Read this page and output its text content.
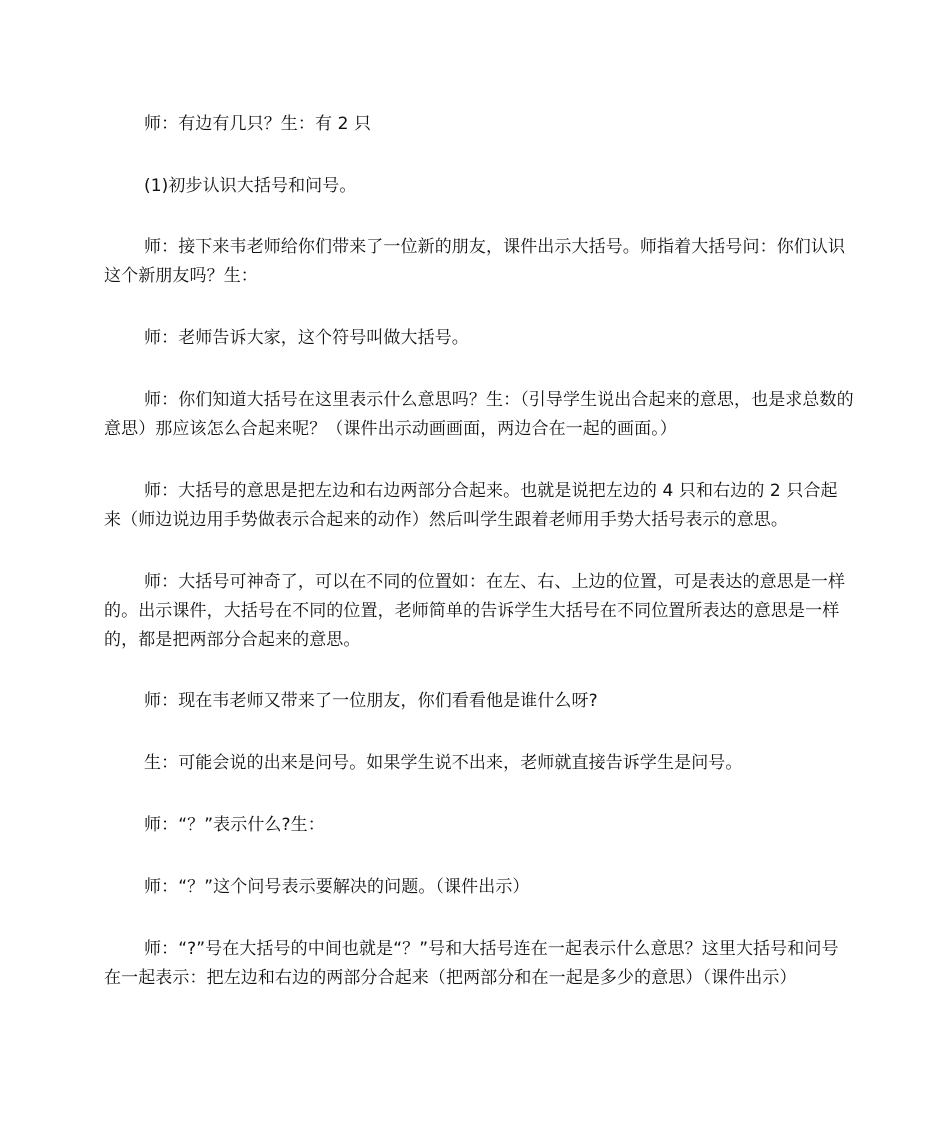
师：有边有几只？生：有 2 只

(1)初步认识大括号和问号。

师：接下来韦老师给你们带来了一位新的朋友，课件出示大括号。师指着大括号问：你们认识这个新朋友吗？生：

师：老师告诉大家，这个符号叫做大括号。

师：你们知道大括号在这里表示什么意思吗？生：（引导学生说出合起来的意思，也是求总数的意思）那应该怎么合起来呢？（课件出示动画画面，两边合在一起的画面。）

师：大括号的意思是把左边和右边两部分合起来。也就是说把左边的 4 只和右边的 2 只合起来（师边说边用手势做表示合起来的动作）然后叫学生跟着老师用手势大括号表示的意思。

师：大括号可神奇了，可以在不同的位置如：在左、右、上边的位置，可是表达的意思是一样的。出示课件，大括号在不同的位置，老师简单的告诉学生大括号在不同位置所表达的意思是一样的，都是把两部分合起来的意思。

师：现在韦老师又带来了一位朋友，你们看看他是谁什么呀?

生：可能会说的出来是问号。如果学生说不出来，老师就直接告诉学生是问号。

师：“？”表示什么?生：

师：“？”这个问号表示要解决的问题。（课件出示）

师：“?”号在大括号的中间也就是“？”号和大括号连在一起表示什么意思？这里大括号和问号在一起表示：把左边和右边的两部分合起来（把两部分和在一起是多少的意思）（课件出示）
